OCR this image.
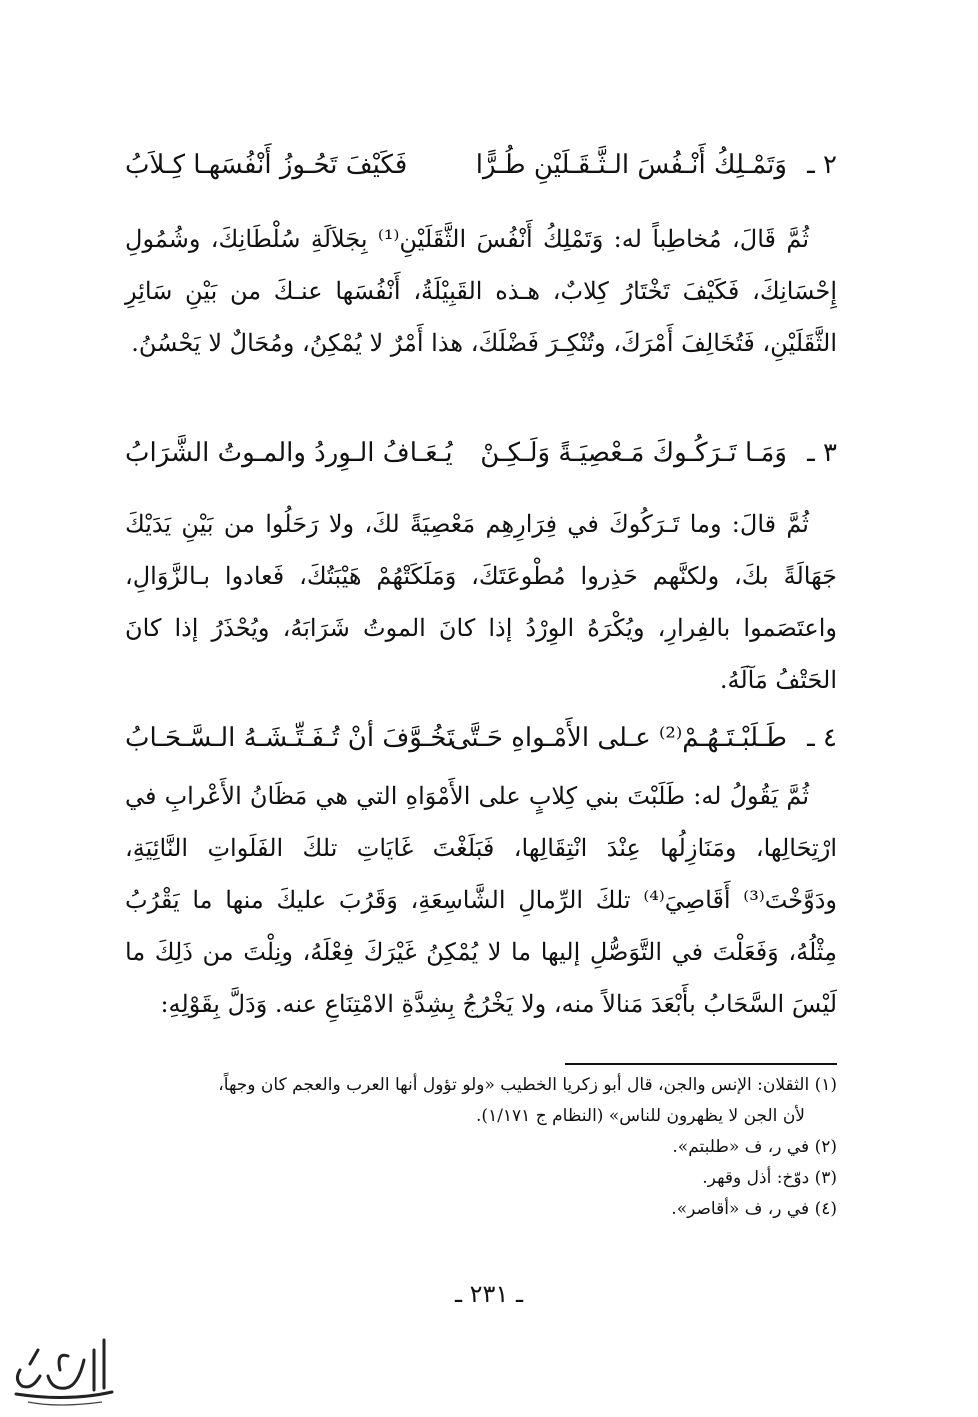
٢ ـ
وَتَمْـلِكُ أَنْـفُسَ الـثَّـقَـلَيْنِ طُـرًّا
فَكَيْفَ تَحُـوزُ أَنْفُسَهـا كِـلاَبُ

ثُمَّ قَالَ، مُخاطِباً له: وَتَمْلِكُ أَنْفُسَ الثَّقَلَيْنِ⁽¹⁾ بِجَلاَلَةِ سُلْطَانِكَ، وشُمُولِ إِحْسَانِكَ، فَكَيْفَ تَخْتَارُ كِلابٌ، هـذه القَبِيْلَةُ، أَنْفُسَها عنـكَ من بَيْنِ سَائِرِ الثَّقَلَيْنِ، فَتُخَالِفَ أَمْرَكَ، وتُنْكِـرَ فَضْلَكَ، هذا أَمْرٌ لا يُمْكِنُ، ومُحَالٌ لا يَحْسُنُ.

٣ ـ
وَمَـا تَـرَكُـوكَ مَـعْصِيَـةً وَلَـكِـنْ
يُـعَـافُ الـوِردُ والمـوتُ الشَّرَابُ

ثُمَّ قالَ: وما تَـرَكُوكَ في فِرَارِهِم مَعْصِيَةً لكَ، ولا رَحَلُوا من بَيْنِ يَدَيْكَ جَهَالَةً بكَ، ولكنَّهم حَذِروا مُطْوعَتَكَ، وَمَلَكَتْهُمْ هَيْبَتُكَ، فَعادوا بـالزَّوَالِ، واعتَصَموا بالفِرارِ، ويُكْرَهُ الوِرْدُ إذا كانَ الموتُ شَرَابَهُ، ويُحْذَرُ إذا كانَ الحَتْفُ مَآلَهُ.

٤ ـ
طَـلَبْـتَـهُـمْ⁽²⁾ عـلى الأَمْـواهِ حَـتَّى
تَخُـوَّفَ أنْ تُـفَـتِّـشَـهُ الـسَّـحَـابُ

ثُمَّ يَقُولُ له: طَلَبْتَ بني كِلابٍ على الأَمْوَاهِ التي هي مَظَانُ الأَعْرابِ في ارْتِحَالِها، ومَنَازِلُها عِنْدَ انْتِقَالِها، فَبَلَغْتَ غَايَاتِ تلكَ الفَلَواتِ النَّائِيَةِ، ودَوَّخْتَ⁽³⁾ أَقَاصِيَ⁽⁴⁾ تلكَ الرِّمالِ الشَّاسِعَةِ، وَقَرُبَ عليكَ منها ما يَقْرُبُ مِثْلُهُ، وَفَعَلْتَ في التَّوَصُّلِ إليها ما لا يُمْكِنُ غَيْرَكَ فِعْلَهُ، ونِلْتَ من ذَلِكَ ما لَيْسَ السَّحَابُ بأَبْعَدَ مَنالاً منه، ولا يَخْرُجُ بِشِدَّةِ الامْتِنَاعِ عنه. وَدَلَّ بِقَوْلِهِ:

(١) الثقلان: الإنس والجن، قال أبو زكريا الخطيب «ولو تؤول أنها العرب والعجم كان وجهاً،

لأن الجن لا يظهرون للناس» (النظام ج ١/١٧١).

(٢) في ر، ف «طلبتم».

(٣) دوّخ: أذل وقهر.

(٤) في ر، ف «أقاصر».

ـ ٢٣١ ـ
